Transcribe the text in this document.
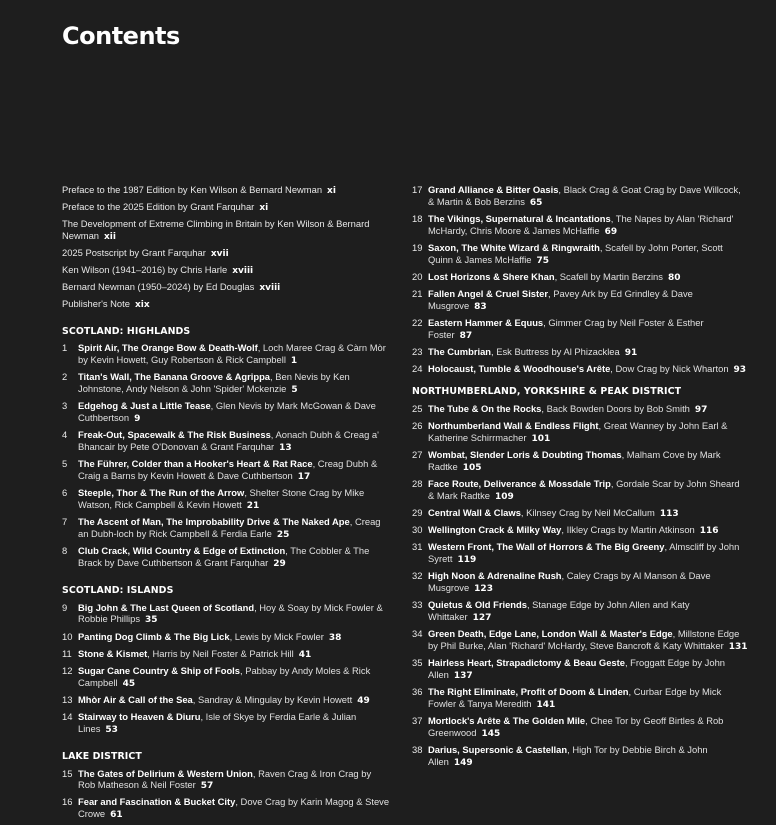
Contents
Preface to the 1987 Edition by Ken Wilson & Bernard Newman xi
Preface to the 2025 Edition by Grant Farquhar xi
The Development of Extreme Climbing in Britain by Ken Wilson & Bernard Newman xii
2025 Postscript by Grant Farquhar xvii
Ken Wilson (1941–2016) by Chris Harle xviii
Bernard Newman (1950–2024) by Ed Douglas xviii
Publisher's Note xix
SCOTLAND: HIGHLANDS
1 Spirit Air, The Orange Bow & Death-Wolf, Loch Maree Crag & Càrn Mòr by Kevin Howett, Guy Robertson & Rick Campbell 1
2 Titan's Wall, The Banana Groove & Agrippa, Ben Nevis by Ken Johnstone, Andy Nelson & John 'Spider' Mckenzie 5
3 Edgehog & Just a Little Tease, Glen Nevis by Mark McGowan & Dave Cuthbertson 9
4 Freak-Out, Spacewalk & The Risk Business, Aonach Dubh & Creag a' Bhancair by Pete O'Donovan & Grant Farquhar 13
5 The Führer, Colder than a Hooker's Heart & Rat Race, Creag Dubh & Craig a Barns by Kevin Howett & Dave Cuthbertson 17
6 Steeple, Thor & The Run of the Arrow, Shelter Stone Crag by Mike Watson, Rick Campbell & Kevin Howett 21
7 The Ascent of Man, The Improbability Drive & The Naked Ape, Creag an Dubh-loch by Rick Campbell & Ferdia Earle 25
8 Club Crack, Wild Country & Edge of Extinction, The Cobbler & The Brack by Dave Cuthbertson & Grant Farquhar 29
SCOTLAND: ISLANDS
9 Big John & The Last Queen of Scotland, Hoy & Soay by Mick Fowler & Robbie Phillips 35
10 Panting Dog Climb & The Big Lick, Lewis by Mick Fowler 38
11 Stone & Kismet, Harris by Neil Foster & Patrick Hill 41
12 Sugar Cane Country & Ship of Fools, Pabbay by Andy Moles & Rick Campbell 45
13 Mhòr Air & Call of the Sea, Sandray & Mingulay by Kevin Howett 49
14 Stairway to Heaven & Diuru, Isle of Skye by Ferdia Earle & Julian Lines 53
LAKE DISTRICT
15 The Gates of Delirium & Western Union, Raven Crag & Iron Crag by Rob Matheson & Neil Foster 57
16 Fear and Fascination & Bucket City, Dove Crag by Karin Magog & Steve Crowe 61
17 Grand Alliance & Bitter Oasis, Black Crag & Goat Crag by Dave Willcock, & Martin & Bob Berzins 65
18 The Vikings, Supernatural & Incantations, The Napes by Alan 'Richard' McHardy, Chris Moore & James McHaffie 69
19 Saxon, The White Wizard & Ringwraith, Scafell by John Porter, Scott Quinn & James McHaffie 75
20 Lost Horizons & Shere Khan, Scafell by Martin Berzins 80
21 Fallen Angel & Cruel Sister, Pavey Ark by Ed Grindley & Dave Musgrove 83
22 Eastern Hammer & Equus, Gimmer Crag by Neil Foster & Esther Foster 87
23 The Cumbrian, Esk Buttress by Al Phizacklea 91
24 Holocaust, Tumble & Woodhouse's Arête, Dow Crag by Nick Wharton 93
NORTHUMBERLAND, YORKSHIRE & PEAK DISTRICT
25 The Tube & On the Rocks, Back Bowden Doors by Bob Smith 97
26 Northumberland Wall & Endless Flight, Great Wanney by John Earl & Katherine Schirrmacher 101
27 Wombat, Slender Loris & Doubting Thomas, Malham Cove by Mark Radtke 105
28 Face Route, Deliverance & Mossdale Trip, Gordale Scar by John Sheard & Mark Radtke 109
29 Central Wall & Claws, Kilnsey Crag by Neil McCallum 113
30 Wellington Crack & Milky Way, Ilkley Crags by Martin Atkinson 116
31 Western Front, The Wall of Horrors & The Big Greeny, Almscliff by John Syrett 119
32 High Noon & Adrenaline Rush, Caley Crags by Al Manson & Dave Musgrove 123
33 Quietus & Old Friends, Stanage Edge by John Allen and Katy Whittaker 127
34 Green Death, Edge Lane, London Wall & Master's Edge, Millstone Edge by Phil Burke, Alan 'Richard' McHardy, Steve Bancroft & Katy Whittaker 131
35 Hairless Heart, Strapadictomy & Beau Geste, Froggatt Edge by John Allen 137
36 The Right Eliminate, Profit of Doom & Linden, Curbar Edge by Mick Fowler & Tanya Meredith 141
37 Mortlock's Arête & The Golden Mile, Chee Tor by Geoff Birtles & Rob Greenwood 145
38 Darius, Supersonic & Castellan, High Tor by Debbie Birch & John Allen 149
